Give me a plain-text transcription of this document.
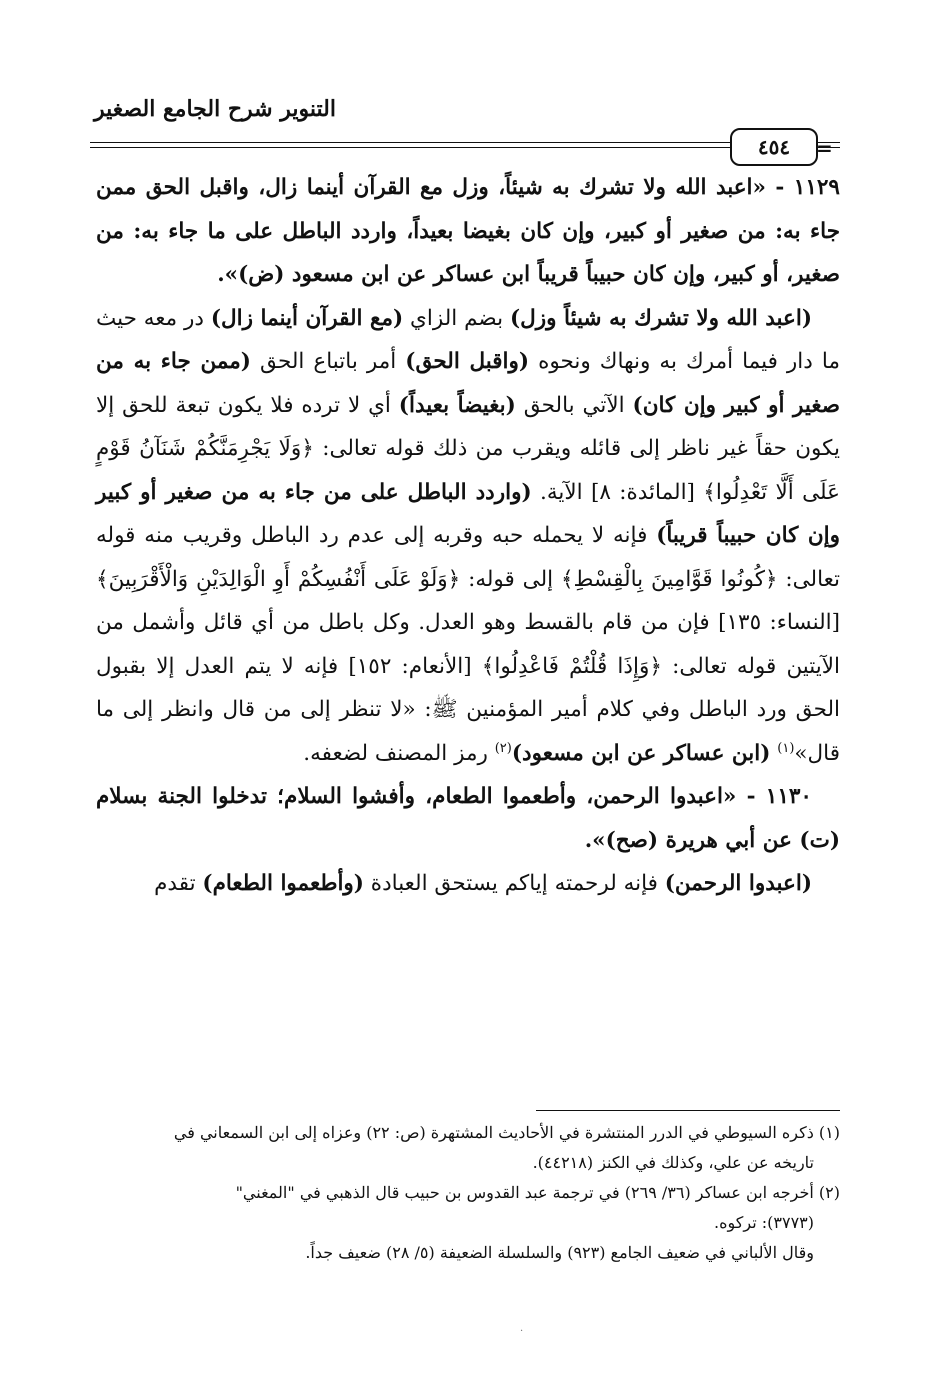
التنوير شرح الجامع الصغير
٤٥٤	=

١١٢٩ - «اعبد الله ولا تشرك به شيئاً، وزل مع القرآن أينما زال، واقبل الحق ممن جاء به: من صغير أو كبير، وإن كان بغيضا بعيداً، واردد الباطل على ما جاء به: من صغير، أو كبير، وإن كان حبيباً قريباً ابن عساكر عن ابن مسعود (ض)».

(اعبد الله ولا تشرك به شيئاً وزل) بضم الزاي (مع القرآن أينما زال) در معه حيث ما دار فيما أمرك به ونهاك ونحوه (واقبل الحق) أمر باتباع الحق (ممن جاء به من صغير أو كبير وإن كان) الآتي بالحق (بغيضاً بعيداً) أي لا ترده فلا يكون تبعة للحق إلا يكون حقاً غير ناظر إلى قائله ويقرب من ذلك قوله تعالى: ﴿وَلَا يَجْرِمَنَّكُمْ شَنَآنُ قَوْمٍ عَلَى أَلَّا تَعْدِلُوا﴾ [المائدة: ٨] الآية. (واردد الباطل على من جاء به من صغير أو كبير وإن كان حبيباً قريباً) فإنه لا يحمله حبه وقربه إلى عدم رد الباطل وقريب منه قوله تعالى: ﴿كُونُوا قَوَّامِينَ بِالْقِسْطِ﴾ إلى قوله: ﴿وَلَوْ عَلَى أَنْفُسِكُمْ أَوِ الْوَالِدَيْنِ وَالْأَقْرَبِينَ﴾ [النساء: ١٣٥] فإن من قام بالقسط وهو العدل. وكل باطل من أي قائل وأشمل من الآيتين قوله تعالى: ﴿وَإِذَا قُلْتُمْ فَاعْدِلُوا﴾ [الأنعام: ١٥٢] فإنه لا يتم العدل إلا بقبول الحق ورد الباطل وفي كلام أمير المؤمنين ﷺ: «لا تنظر إلى من قال وانظر إلى ما قال»$^{(١)}$ (ابن عساكر عن ابن مسعود)$^{(٢)}$ رمز المصنف لضعفه.

١١٣٠ - «اعبدوا الرحمن، وأطعموا الطعام، وأفشوا السلام؛ تدخلوا الجنة بسلام (ت) عن أبي هريرة (صح)».

(اعبدوا الرحمن) فإنه لرحمته إياكم يستحق العبادة (وأطعموا الطعام) تقدم

(١) ذكره السيوطي في الدرر المنتشرة في الأحاديث المشتهرة (ص: ٢٢) وعزاه إلى ابن السمعاني في

تاريخه عن علي، وكذلك في الكنز (٤٤٢١٨).

(٢) أخرجه ابن عساكر (٣٦/ ٢٦٩) في ترجمة عبد القدوس بن حبيب قال الذهبي في "المغني"

(٣٧٧٣): تركوه.

وقال الألباني في ضعيف الجامع (٩٢٣) والسلسلة الضعيفة (٥/ ٢٨) ضعيف جداً.

·
